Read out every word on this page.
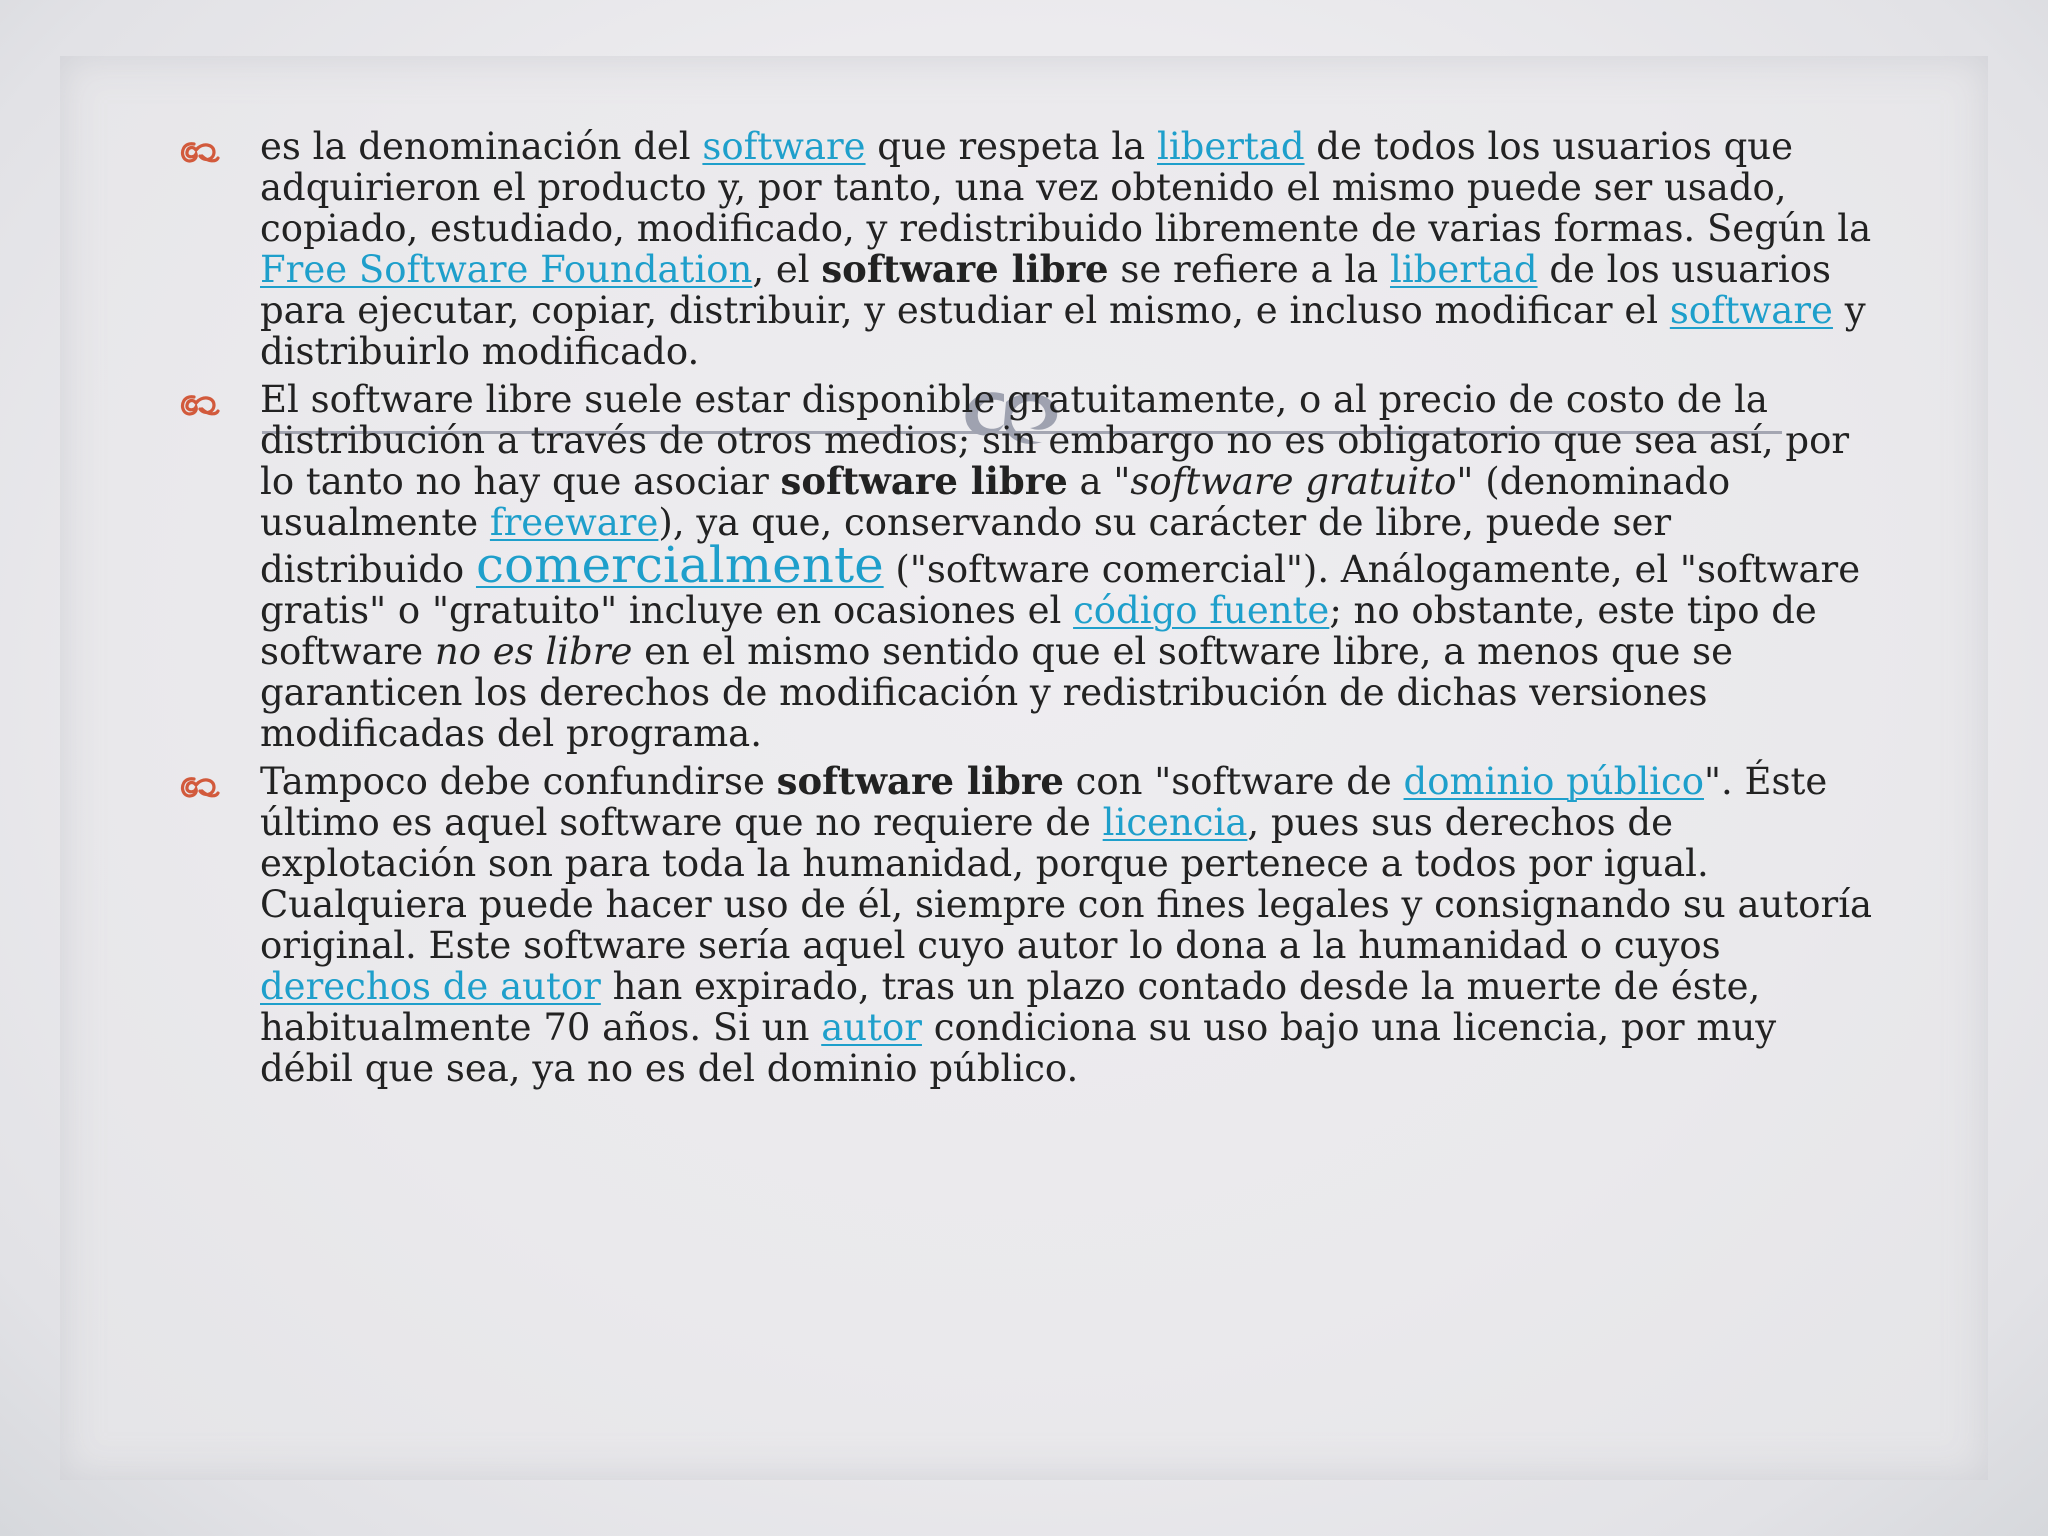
es la denominación del software que respeta la libertad de todos los usuarios que adquirieron el producto y, por tanto, una vez obtenido el mismo puede ser usado, copiado, estudiado, modificado, y redistribuido libremente de varias formas. Según la Free Software Foundation, el software libre se refiere a la libertad de los usuarios para ejecutar, copiar, distribuir, y estudiar el mismo, e incluso modificar el software y distribuirlo modificado.
El software libre suele estar disponible gratuitamente, o al precio de costo de la distribución a través de otros medios; sin embargo no es obligatorio que sea así, por lo tanto no hay que asociar software libre a "software gratuito" (denominado usualmente freeware), ya que, conservando su carácter de libre, puede ser distribuido comercialmente ("software comercial"). Análogamente, el "software gratis" o "gratuito" incluye en ocasiones el código fuente; no obstante, este tipo de software no es libre en el mismo sentido que el software libre, a menos que se garanticen los derechos de modificación y redistribución de dichas versiones modificadas del programa.
Tampoco debe confundirse software libre con "software de dominio público". Éste último es aquel software que no requiere de licencia, pues sus derechos de explotación son para toda la humanidad, porque pertenece a todos por igual. Cualquiera puede hacer uso de él, siempre con fines legales y consignando su autoría original. Este software sería aquel cuyo autor lo dona a la humanidad o cuyos derechos de autor han expirado, tras un plazo contado desde la muerte de éste, habitualmente 70 años. Si un autor condiciona su uso bajo una licencia, por muy débil que sea, ya no es del dominio público.
